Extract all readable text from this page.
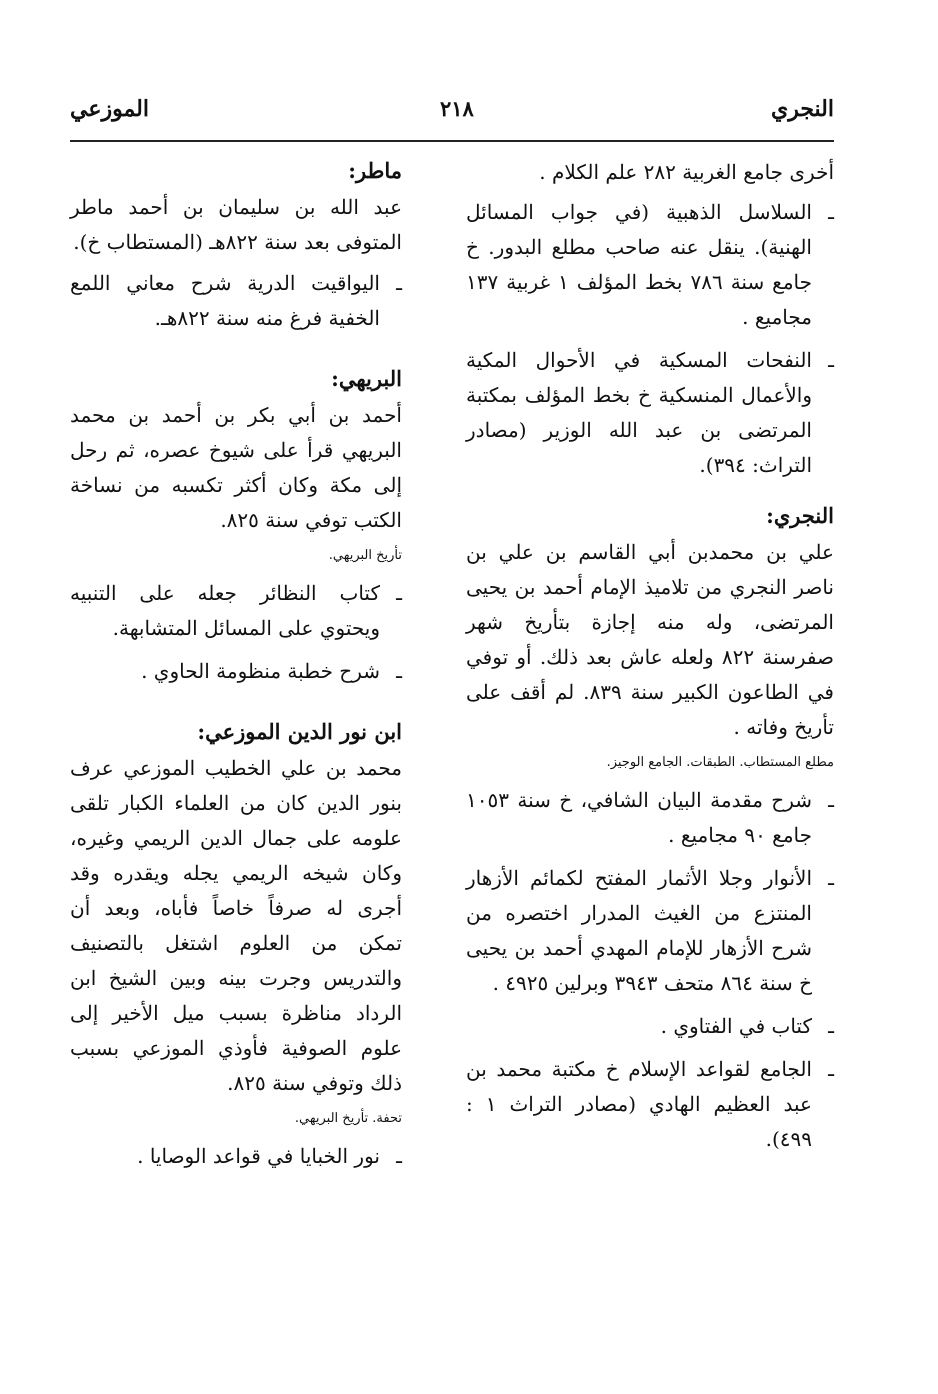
النجري
٢١٨
الموزعي

أخرى جامع الغربية ٢٨٢ علم الكلام .

ـ
السلاسل الذهبية (في جواب المسائل الهنية). ينقل عنه صاحب مطلع البدور. خ جامع سنة ٧٨٦ بخط المؤلف ١ غربية ١٣٧ مجاميع .
ـ
النفحات المسكية في الأحوال المكية والأعمال المنسكية خ بخط المؤلف بمكتبة المرتضى بن عبد الله الوزير (مصادر التراث: ٣٩٤).
النجري:

علي بن محمدبن أبي القاسم بن علي بن ناصر النجري من تلاميذ الإمام أحمد بن يحيى المرتضى، وله منه إجازة بتأريخ شهر صفرسنة ٨٢٢ ولعله عاش بعد ذلك. أو توفي في الطاعون الكبير سنة ٨٣٩. لم أقف على تأريخ وفاته .

مطلع المستطاب. الطبقات. الجامع الوجيز.
ـ
شرح مقدمة البيان الشافي، خ سنة ١٠٥٣ جامع ٩٠ مجاميع .
ـ
الأنوار وجلا الأثمار المفتح لكمائم الأزهار المنتزع من الغيث المدرار اختصره من شرح الأزهار للإمام المهدي أحمد بن يحيى خ سنة ٨٦٤ متحف ٣٩٤٣ وبرلين ٤٩٢٥ .
ـ
كتاب في الفتاوي .
ـ
الجامع لقواعد الإسلام خ مكتبة محمد بن عبد العظيم الهادي (مصادر التراث ١ : ٤٩٩).
ماطر:

عبد الله بن سليمان بن أحمد ماطر المتوفى بعد سنة ٨٢٢هـ (المستطاب خ).

ـ
اليواقيت الدرية شرح معاني اللمع الخفية فرغ منه سنة ٨٢٢هـ.
البريهي:

أحمد بن أبي بكر بن أحمد بن محمد البريهي قرأ على شيوخ عصره، ثم رحل إلى مكة وكان أكثر تكسبه من نساخة الكتب توفي سنة ٨٢٥.

تأريخ البريهي.
ـ
كتاب النظائر جعله على التنبيه ويحتوي على المسائل المتشابهة.
ـ
شرح خطبة منظومة الحاوي .
ابن نور الدين الموزعي:

محمد بن علي الخطيب الموزعي عرف بنور الدين كان من العلماء الكبار تلقى علومه على جمال الدين الريمي وغيره، وكان شيخه الريمي يجله ويقدره وقد أجرى له صرفاً خاصاً فأباه، وبعد أن تمكن من العلوم اشتغل بالتصنيف والتدريس وجرت بينه وبين الشيخ ابن الرداد مناظرة بسبب ميل الأخير إلى علوم الصوفية فأوذي الموزعي بسبب ذلك وتوفي سنة ٨٢٥.

تحفة. تأريخ البريهي.
ـ
نور الخبايا في قواعد الوصايا .
